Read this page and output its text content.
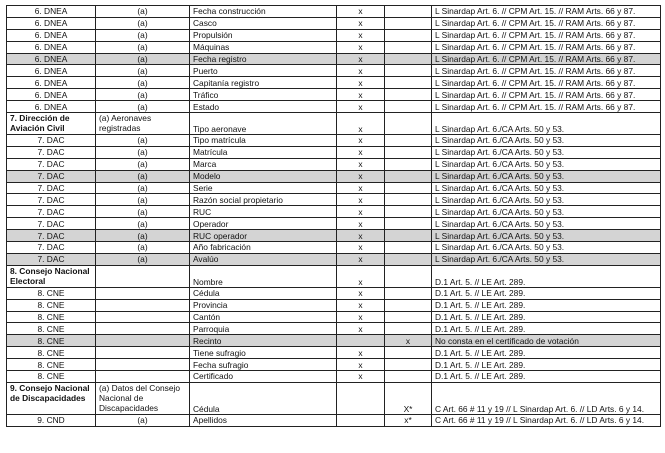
6. DNEA	(a)	Fecha construcción	x		L Sinardap Art. 6. // CPM Art. 15. // RAM Arts. 66 y 87.
6. DNEA	(a)	Casco	x		L Sinardap Art. 6. // CPM Art. 15. // RAM Arts. 66 y 87.
6. DNEA	(a)	Propulsión	x		L Sinardap Art. 6. // CPM Art. 15. // RAM Arts. 66 y 87.
6. DNEA	(a)	Máquinas	x		L Sinardap Art. 6. // CPM Art. 15. // RAM Arts. 66 y 87.
6. DNEA	(a)	Fecha registro	x		L Sinardap Art. 6. // CPM Art. 15. // RAM Arts. 66 y 87.
6. DNEA	(a)	Puerto	x		L Sinardap Art. 6. // CPM Art. 15. // RAM Arts. 66 y 87.
6. DNEA	(a)	Capitanía registro	x		L Sinardap Art. 6. // CPM Art. 15. // RAM Arts. 66 y 87.
6. DNEA	(a)	Tráfico	x		L Sinardap Art. 6. // CPM Art. 15. // RAM Arts. 66 y 87.
6. DNEA	(a)	Estado	x		L Sinardap Art. 6. // CPM Art. 15. // RAM Arts. 66 y 87.
7. Dirección de Aviación Civil	(a) Aeronaves registradas	Tipo aeronave	x		L Sinardap Art. 6./CA Arts. 50 y 53.
7. DAC	(a)	Tipo matrícula	x		L Sinardap Art. 6./CA Arts. 50 y 53.
7. DAC	(a)	Matrícula	x		L Sinardap Art. 6./CA Arts. 50 y 53.
7. DAC	(a)	Marca	x		L Sinardap Art. 6./CA Arts. 50 y 53.
7. DAC	(a)	Modelo	x		L Sinardap Art. 6./CA Arts. 50 y 53.
7. DAC	(a)	Serie	x		L Sinardap Art. 6./CA Arts. 50 y 53.
7. DAC	(a)	Razón social propietario	x		L Sinardap Art. 6./CA Arts. 50 y 53.
7. DAC	(a)	RUC	x		L Sinardap Art. 6./CA Arts. 50 y 53.
7. DAC	(a)	Operador	x		L Sinardap Art. 6./CA Arts. 50 y 53.
7. DAC	(a)	RUC operador	x		L Sinardap Art. 6./CA Arts. 50 y 53.
7. DAC	(a)	Año fabricación	x		L Sinardap Art. 6./CA Arts. 50 y 53.
7. DAC	(a)	Avalúo	x		L Sinardap Art. 6./CA Arts. 50 y 53.
8. Consejo Nacional Electoral		Nombre	x		D.1 Art. 5. // LE Art. 289.
8. CNE		Cédula	x		D.1 Art. 5. // LE Art. 289.
8. CNE		Provincia	x		D.1 Art. 5. // LE Art. 289.
8. CNE		Cantón	x		D.1 Art. 5. // LE Art. 289.
8. CNE		Parroquia	x		D.1 Art. 5. // LE Art. 289.
8. CNE		Recinto		x	No consta en el certificado de votación
8. CNE		Tiene sufragio	x		D.1 Art. 5. // LE Art. 289.
8. CNE		Fecha sufragio	x		D.1 Art. 5. // LE Art. 289.
8. CNE		Certificado	x		D.1 Art. 5. // LE Art. 289.
9. Consejo Nacional de Discapacidades	(a) Datos del Consejo Nacional de Discapacidades	Cédula		X*	C Art. 66 # 11 y 19 // L Sinardap Art. 6. // LD Arts. 6 y 14.
9. CND	(a)	Apellidos		x*	C Art. 66 # 11 y 19 // L Sinardap Art. 6. // LD Arts. 6 y 14.
